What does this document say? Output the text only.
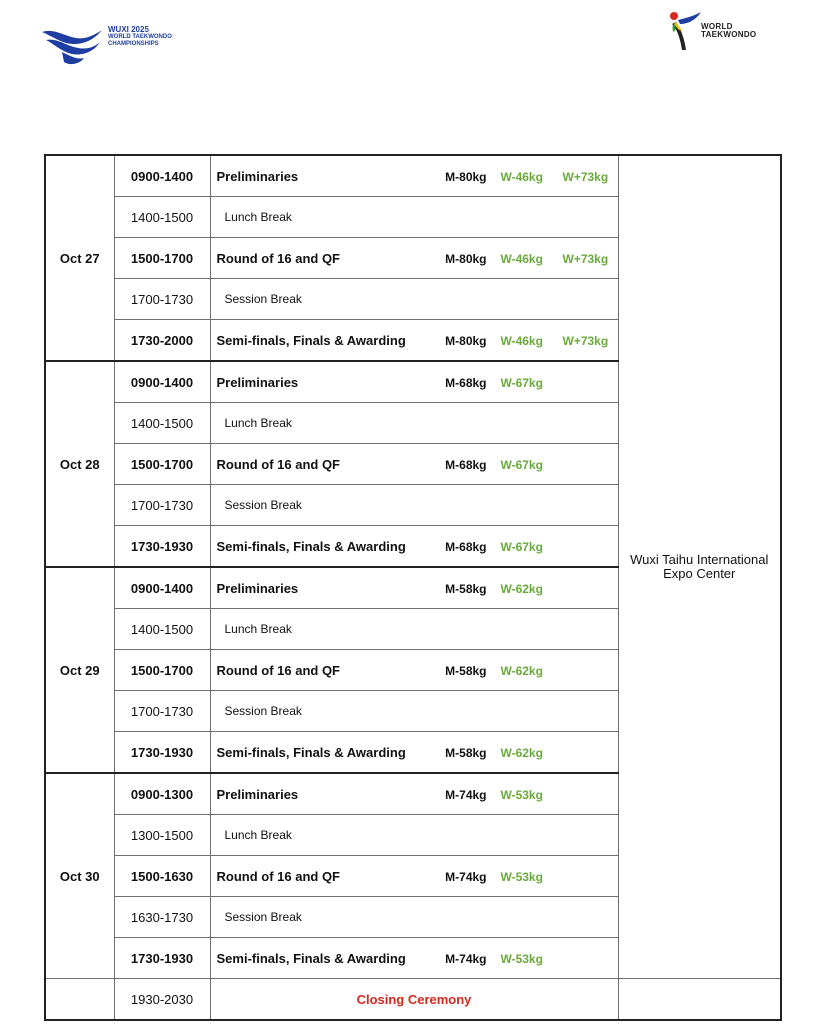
WUXI 2025
WORLD TAEKWONDO
CHAMPIONSHIPS
WORLD
TAEKWONDO
Oct 27	0900-1400	Preliminaries M-80kg W-46kg W+73kg	Wuxi Taihu International Expo Center
	1400-1500	Lunch Break	
	1500-1700	Round of 16 and QF M-80kg W-46kg W+73kg	
	1700-1730	Session Break	
	1730-2000	Semi-finals, Finals & Awarding M-80kg W-46kg W+73kg	
Oct 28	0900-1400	Preliminaries M-68kg W-67kg	
	1400-1500	Lunch Break	
	1500-1700	Round of 16 and QF M-68kg W-67kg	
	1700-1730	Session Break	
	1730-1930	Semi-finals, Finals & Awarding M-68kg W-67kg	
Oct 29	0900-1400	Preliminaries M-58kg W-62kg	
	1400-1500	Lunch Break	
	1500-1700	Round of 16 and QF M-58kg W-62kg	
	1700-1730	Session Break	
	1730-1930	Semi-finals, Finals & Awarding M-58kg W-62kg	
Oct 30	0900-1300	Preliminaries M-74kg W-53kg	
	1300-1500	Lunch Break	
	1500-1630	Round of 16 and QF M-74kg W-53kg	
	1630-1730	Session Break	
	1730-1930	Semi-finals, Finals & Awarding M-74kg W-53kg	
	1930-2030	Closing Ceremony	
